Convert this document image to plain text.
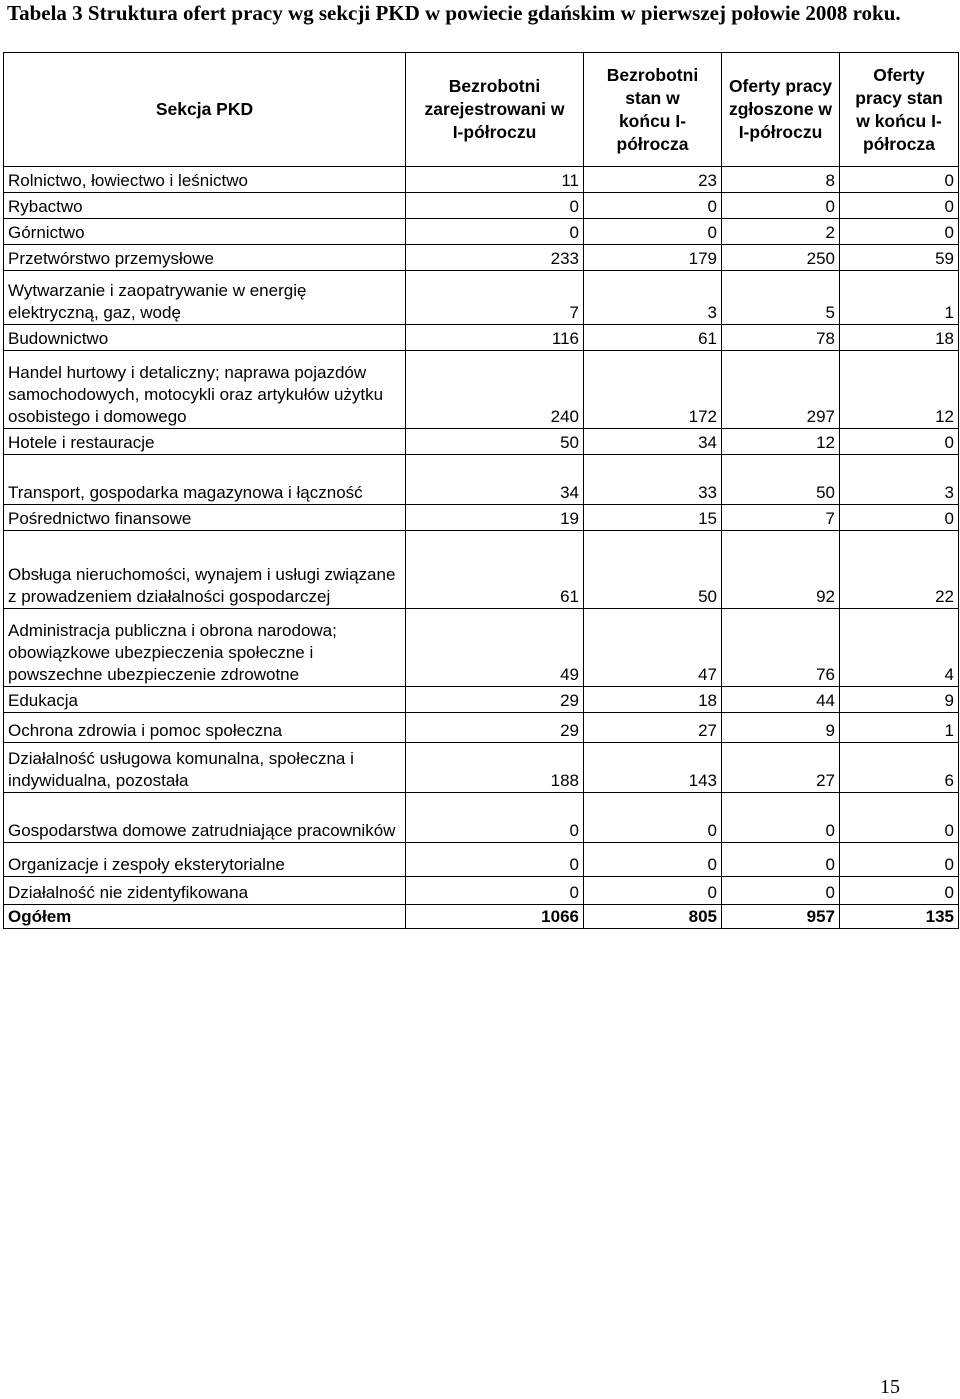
Tabela 3 Struktura ofert pracy wg sekcji PKD w powiecie gdańskim w pierwszej połowie 2008 roku.

Sekcja PKD	Bezrobotni zarejestrowani w I-półroczu	Bezrobotni stan w końcu I-półrocza	Oferty pracy zgłoszone w I-półroczu	Oferty pracy stan w końcu I-półrocza
Rolnictwo, łowiectwo i leśnictwo	11	23	8	0
Rybactwo	0	0	0	0
Górnictwo	0	0	2	0
Przetwórstwo przemysłowe	233	179	250	59
Wytwarzanie i zaopatrywanie w energię elektryczną, gaz, wodę	7	3	5	1
Budownictwo	116	61	78	18
Handel hurtowy i detaliczny; naprawa pojazdów samochodowych, motocykli oraz artykułów użytku osobistego i domowego	240	172	297	12
Hotele i restauracje	50	34	12	0
Transport, gospodarka magazynowa i łączność	34	33	50	3
Pośrednictwo finansowe	19	15	7	0
Obsługa nieruchomości, wynajem i usługi związane z prowadzeniem działalności gospodarczej	61	50	92	22
Administracja publiczna i obrona narodowa; obowiązkowe ubezpieczenia społeczne i powszechne ubezpieczenie zdrowotne	49	47	76	4
Edukacja	29	18	44	9
Ochrona zdrowia i pomoc społeczna	29	27	9	1
Działalność usługowa komunalna, społeczna i indywidualna, pozostała	188	143	27	6
Gospodarstwa domowe zatrudniające pracowników	0	0	0	0
Organizacje i zespoły eksterytorialne	0	0	0	0
Działalność nie zidentyfikowana	0	0	0	0
Ogółem	1066	805	957	135
15
